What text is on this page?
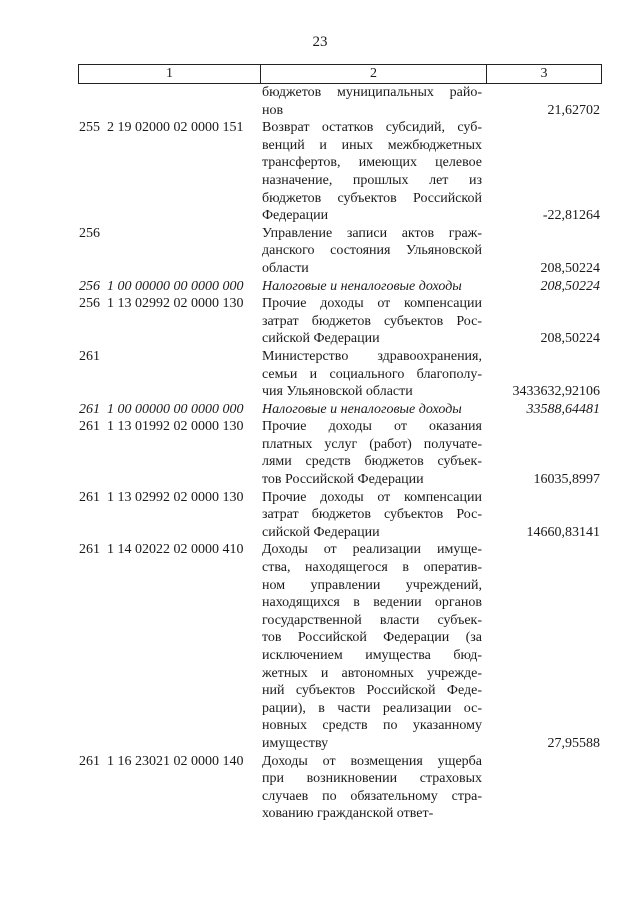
23
1	2	3
бюджетов муниципальных райо-
нов	21,62702
255  2 19 02000 02 0000 151	Возврат остатков субсидий, суб-
венций и иных межбюджетных
трансфертов, имеющих целевое
назначение, прошлых лет из
бюджетов субъектов Российской
Федерации	-22,81264
256	Управление записи актов граж-
данского состояния Ульяновской
области	208,50224
256  1 00 00000 00 0000 000	Налоговые и неналоговые доходы	208,50224
256  1 13 02992 02 0000 130	Прочие доходы от компенсации
затрат бюджетов субъектов Рос-
сийской Федерации	208,50224
261	Министерство здравоохранения,
семьи и социального благополу-
чия Ульяновской области	3433632,92106
261  1 00 00000 00 0000 000	Налоговые и неналоговые доходы	33588,64481
261  1 13 01992 02 0000 130	Прочие доходы от оказания
платных услуг (работ) получате-
лями средств бюджетов субъек-
тов Российской Федерации	16035,8997
261  1 13 02992 02 0000 130	Прочие доходы от компенсации
затрат бюджетов субъектов Рос-
сийской Федерации	14660,83141
261  1 14 02022 02 0000 410	Доходы от реализации имуще-
ства, находящегося в оператив-
ном управлении учреждений,
находящихся в ведении органов
государственной власти субъек-
тов Российской Федерации (за
исключением имущества бюд-
жетных и автономных учрежде-
ний субъектов Российской Феде-
рации), в части реализации ос-
новных средств по указанному
имуществу	27,95588
261  1 16 23021 02 0000 140	Доходы от возмещения ущерба
при возникновении страховых
случаев по обязательному стра-
хованию гражданской ответ-
